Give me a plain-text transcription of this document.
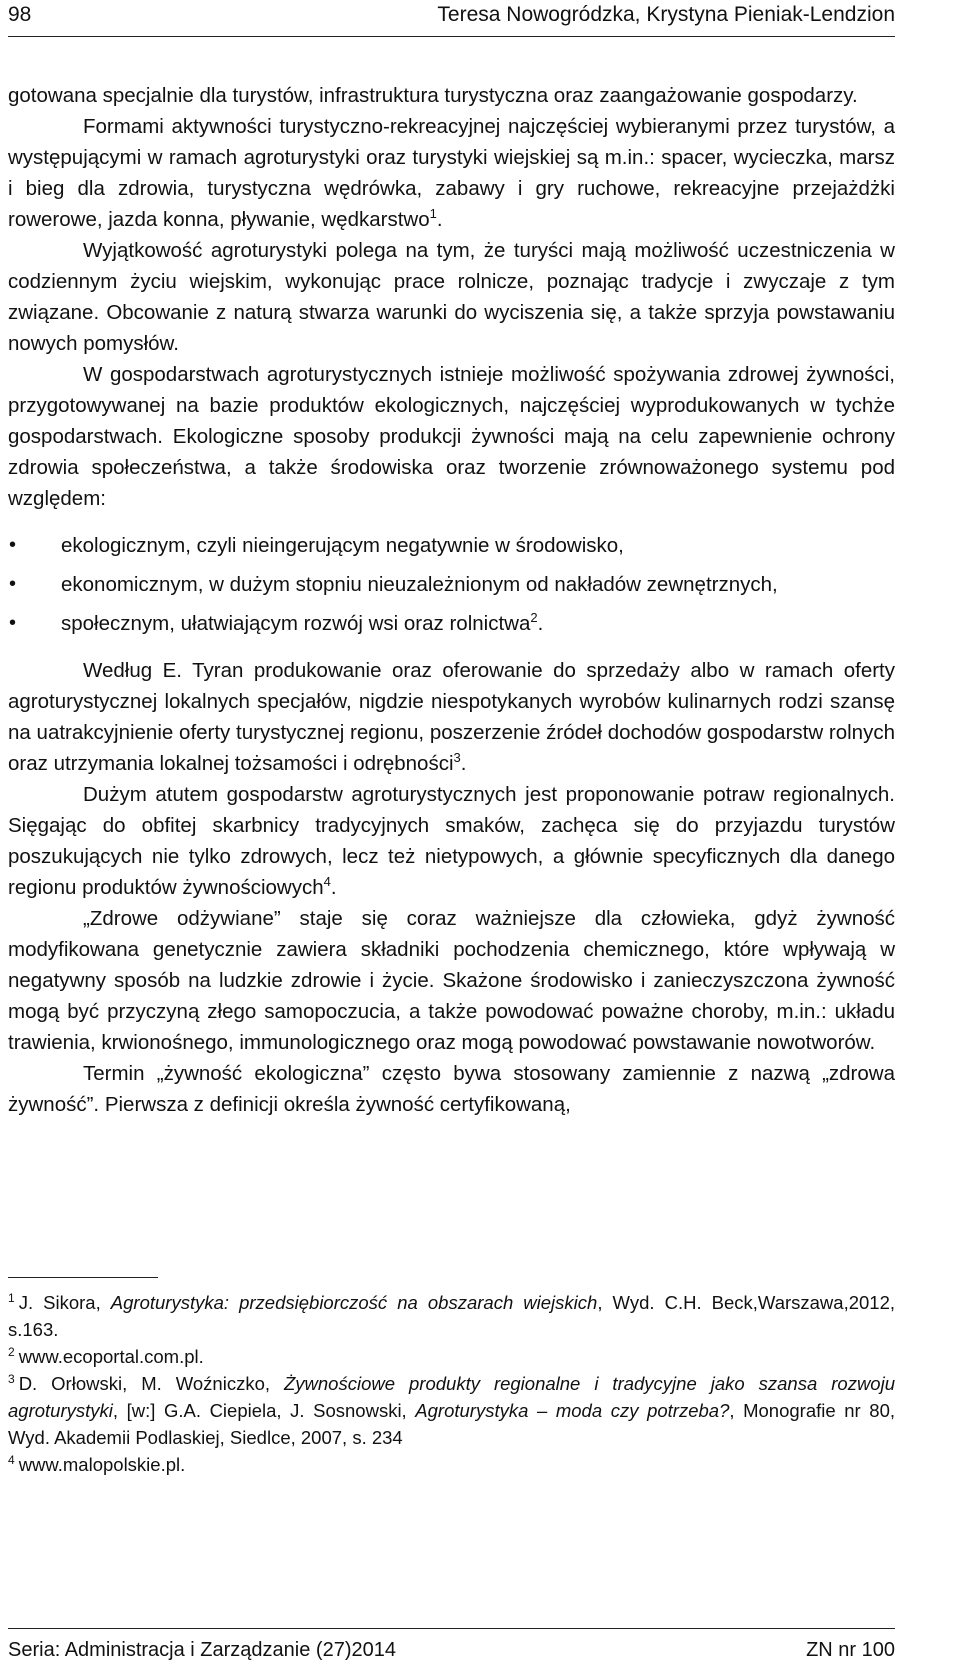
98	Teresa Nowogródzka, Krystyna Pieniak-Lendzion

gotowana specjalnie dla turystów, infrastruktura turystyczna oraz zaangażowanie gospodarzy.

Formami aktywności turystyczno-rekreacyjnej najczęściej wybieranymi przez turystów, a występującymi w ramach agroturystyki oraz turystyki wiejskiej są m.in.: spacer, wycieczka, marsz i bieg dla zdrowia, turystyczna wędrówka, zabawy i gry ruchowe, rekreacyjne przejażdżki rowerowe, jazda konna, pływanie, wędkarstwo$^1$.

Wyjątkowość agroturystyki polega na tym, że turyści mają możliwość uczestniczenia w codziennym życiu wiejskim, wykonując prace rolnicze, poznając tradycje i zwyczaje z tym związane. Obcowanie z naturą stwarza warunki do wyciszenia się, a także sprzyja powstawaniu nowych pomysłów.

W gospodarstwach agroturystycznych istnieje możliwość spożywania zdrowej żywności, przygotowywanej na bazie produktów ekologicznych, najczęściej wyprodukowanych w tychże gospodarstwach. Ekologiczne sposoby produkcji żywności mają na celu zapewnienie ochrony zdrowia społeczeństwa, a także środowiska oraz tworzenie zrównoważonego systemu pod względem:

• ekologicznym, czyli nieingerującym negatywnie w środowisko,
• ekonomicznym, w dużym stopniu nieuzależnionym od nakładów zewnętrznych,
• społecznym, ułatwiającym rozwój wsi oraz rolnictwa$^2$.

Według E. Tyran produkowanie oraz oferowanie do sprzedaży albo w ramach oferty agroturystycznej lokalnych specjałów, nigdzie niespotykanych wyrobów kulinarnych rodzi szansę na uatrakcyjnienie oferty turystycznej regionu, poszerzenie źródeł dochodów gospodarstw rolnych oraz utrzymania lokalnej tożsamości i odrębności$^3$.

Dużym atutem gospodarstw agroturystycznych jest proponowanie potraw regionalnych. Sięgając do obfitej skarbnicy tradycyjnych smaków, zachęca się do przyjazdu turystów poszukujących nie tylko zdrowych, lecz też nietypowych, a głównie specyficznych dla danego regionu produktów żywnościowych$^4$.

„Zdrowe odżywiane” staje się coraz ważniejsze dla człowieka, gdyż żywność modyfikowana genetycznie zawiera składniki pochodzenia chemicznego, które wpływają w negatywny sposób na ludzkie zdrowie i życie. Skażone środowisko i zanieczyszczona żywność mogą być przyczyną złego samopoczucia, a także powodować poważne choroby, m.in.: układu trawienia, krwionośnego, immunologicznego oraz mogą powodować powstawanie nowotworów.

Termin „żywność ekologiczna” często bywa stosowany zamiennie z nazwą „zdrowa żywność”. Pierwsza z definicji określa żywność certyfikowaną,

$^1$ J. Sikora, Agroturystyka: przedsiębiorczość na obszarach wiejskich, Wyd. C.H. Beck,Warszawa,2012, s.163.

$^2$ www.ecoportal.com.pl.

$^3$ D. Orłowski, M. Woźniczko, Żywnościowe produkty regionalne i tradycyjne jako szansa rozwoju agroturystyki, [w:] G.A. Ciepiela, J. Sosnowski, Agroturystyka – moda czy potrzeba?, Monografie nr 80, Wyd. Akademii Podlaskiej, Siedlce, 2007, s. 234

$^4$ www.malopolskie.pl.

Seria: Administracja i Zarządzanie (27)2014	ZN nr 100
